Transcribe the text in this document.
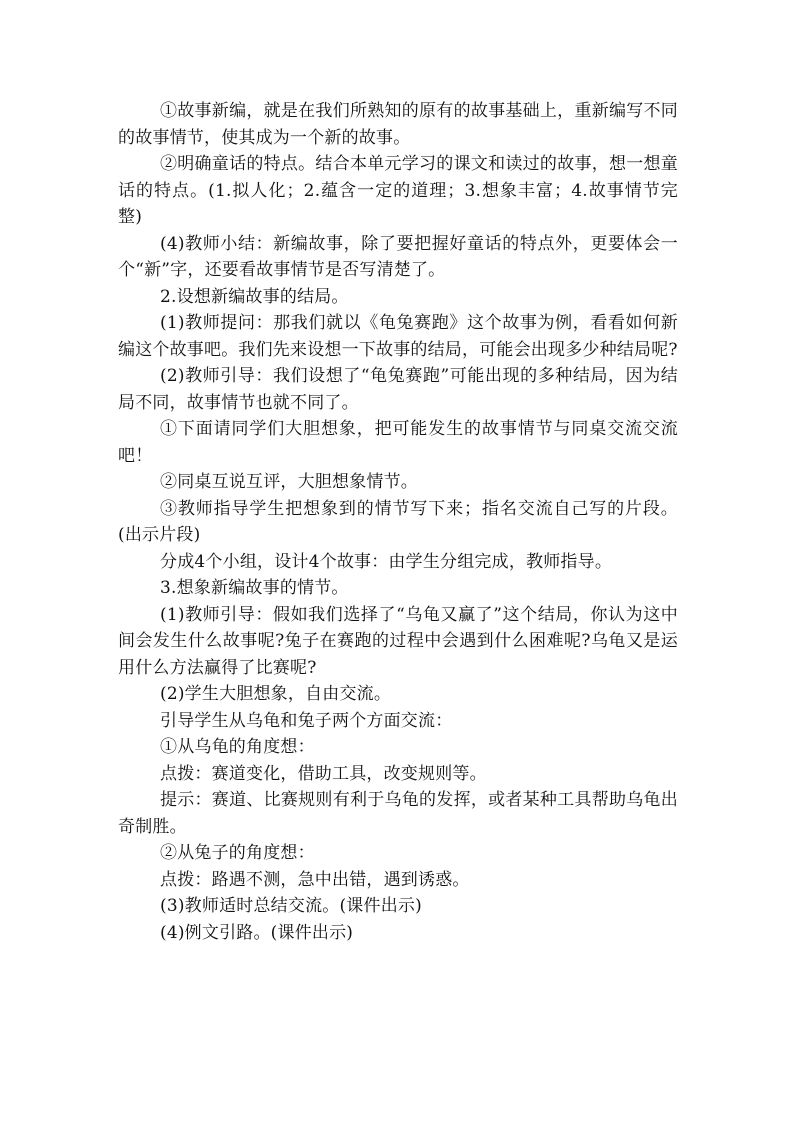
①故事新编，就是在我们所熟知的原有的故事基础上，重新编写不同的故事情节，使其成为一个新的故事。

②明确童话的特点。结合本单元学习的课文和读过的故事，想一想童话的特点。(1.拟人化；2.蕴含一定的道理；3.想象丰富；4.故事情节完整)

(4)教师小结：新编故事，除了要把握好童话的特点外，更要体会一个“新”字，还要看故事情节是否写清楚了。

2.设想新编故事的结局。

(1)教师提问：那我们就以《龟兔赛跑》这个故事为例，看看如何新编这个故事吧。我们先来设想一下故事的结局，可能会出现多少种结局呢?

(2)教师引导：我们设想了“龟兔赛跑”可能出现的多种结局，因为结局不同，故事情节也就不同了。

①下面请同学们大胆想象，把可能发生的故事情节与同桌交流交流吧！

②同桌互说互评，大胆想象情节。

③教师指导学生把想象到的情节写下来；指名交流自己写的片段。(出示片段)

分成4个小组，设计4个故事：由学生分组完成，教师指导。

3.想象新编故事的情节。

(1)教师引导：假如我们选择了“乌龟又赢了”这个结局，你认为这中间会发生什么故事呢?兔子在赛跑的过程中会遇到什么困难呢?乌龟又是运用什么方法赢得了比赛呢?

(2)学生大胆想象，自由交流。

引导学生从乌龟和兔子两个方面交流：

①从乌龟的角度想：

点拨：赛道变化，借助工具，改变规则等。

提示：赛道、比赛规则有利于乌龟的发挥，或者某种工具帮助乌龟出奇制胜。

②从兔子的角度想：

点拨：路遇不测，急中出错，遇到诱惑。

(3)教师适时总结交流。(课件出示)

(4)例文引路。(课件出示)
